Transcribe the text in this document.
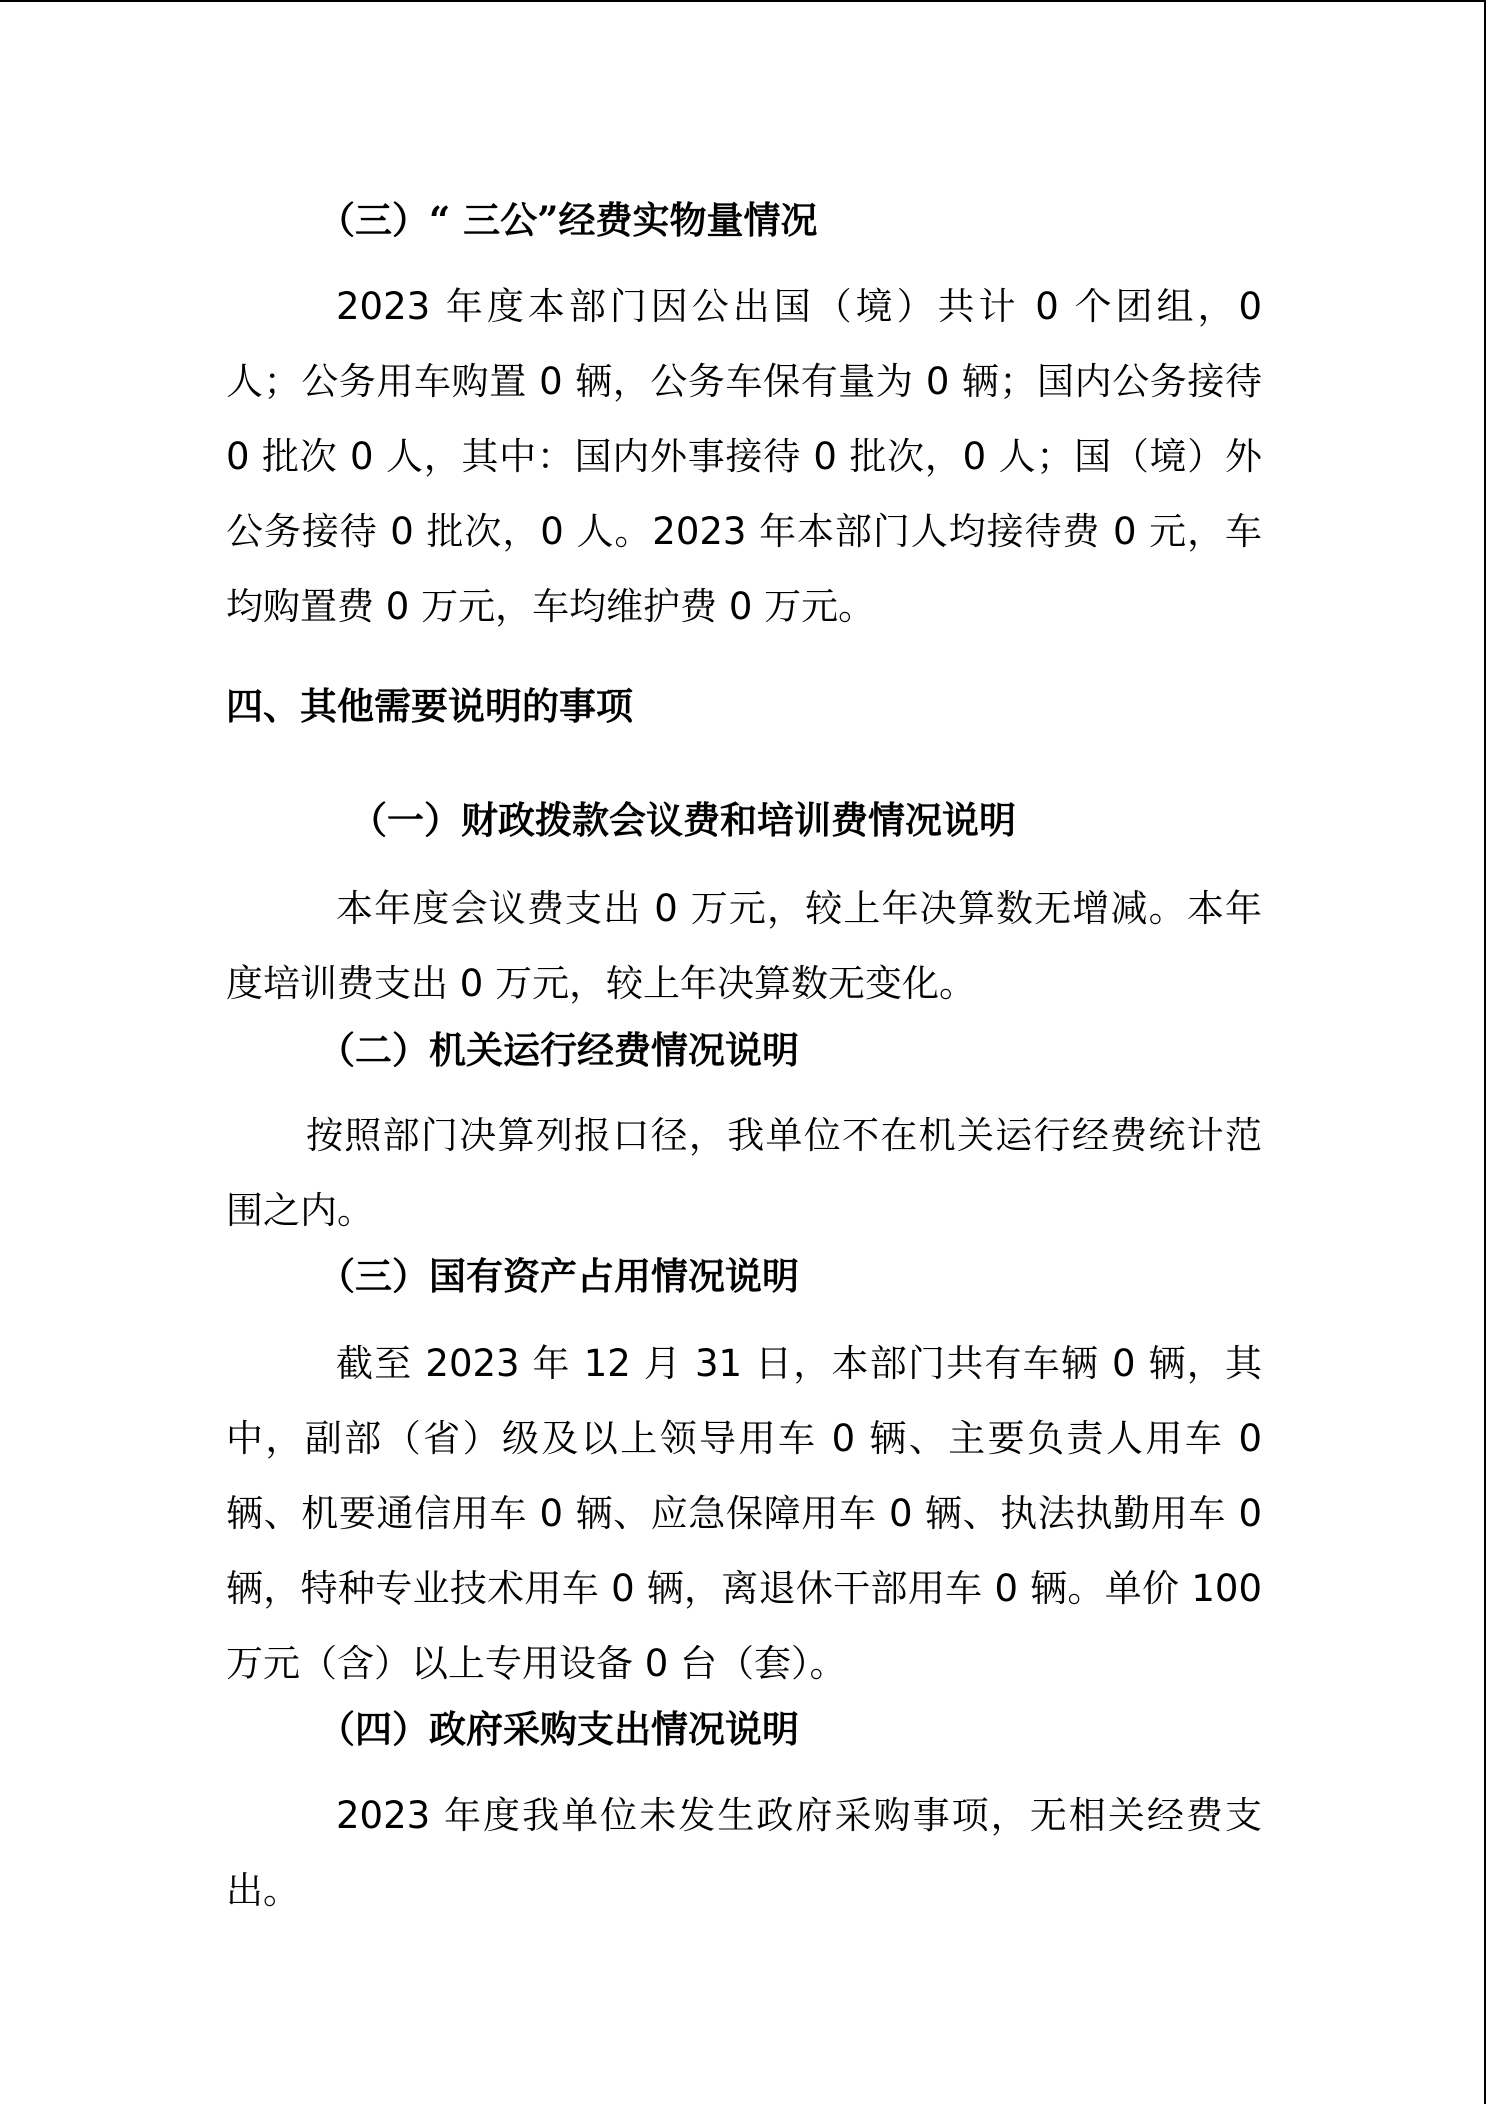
（三）“ 三公”经费实物量情况

2023 年度本部门因公出国（境）共计 0 个团组，0 人；公务用车购置 0 辆，公务车保有量为 0 辆；国内公务接待 0 批次 0 人，其中：国内外事接待 0 批次，0 人；国（境）外公务接待 0 批次，0 人。2023 年本部门人均接待费 0 元，车均购置费 0 万元，车均维护费 0 万元。

四、其他需要说明的事项
（一）财政拨款会议费和培训费情况说明

本年度会议费支出 0 万元，较上年决算数无增减。本年度培训费支出 0 万元，较上年决算数无变化。

（二）机关运行经费情况说明

按照部门决算列报口径，我单位不在机关运行经费统计范围之内。

（三）国有资产占用情况说明

截至 2023 年 12 月 31 日，本部门共有车辆 0 辆，其中，副部（省）级及以上领导用车 0 辆、主要负责人用车 0 辆、机要通信用车 0 辆、应急保障用车 0 辆、执法执勤用车 0 辆，特种专业技术用车 0 辆，离退休干部用车 0 辆。单价 100 万元（含）以上专用设备 0 台（套）。

（四）政府采购支出情况说明

2023 年度我单位未发生政府采购事项，无相关经费支出。
